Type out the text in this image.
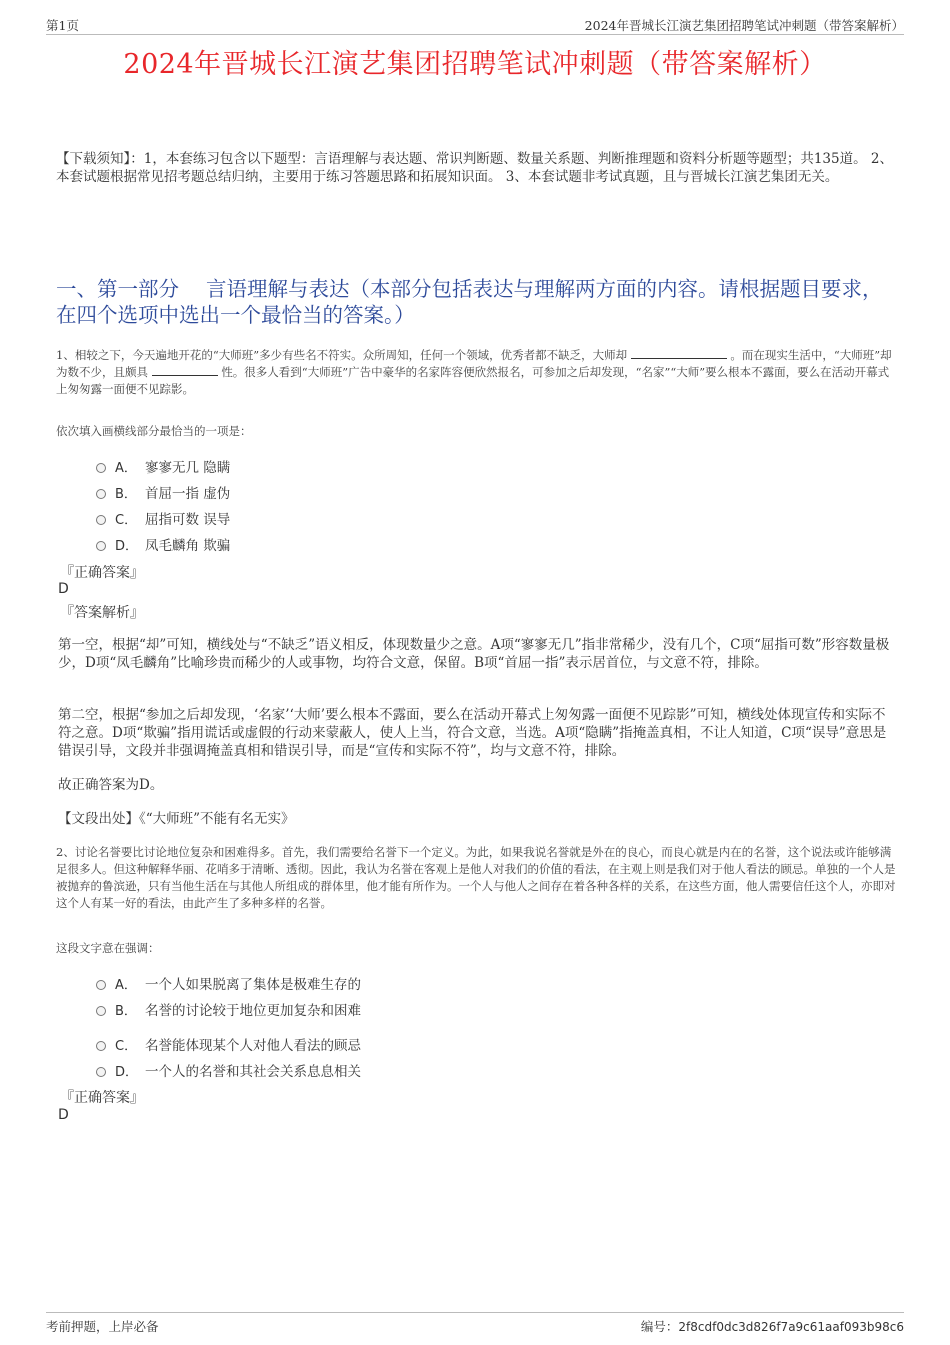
第1页	2024年晋城长江演艺集团招聘笔试冲刺题（带答案解析）
2024年晋城长江演艺集团招聘笔试冲刺题（带答案解析）
【下载须知】：1，本套练习包含以下题型：言语理解与表达题、常识判断题、数量关系题、判断推理题和资料分析题等题型；共135道。 2、本套试题根据常见招考题总结归纳，主要用于练习答题思路和拓展知识面。 3、本套试题非考试真题，且与晋城长江演艺集团无关。
一、第一部分　 言语理解与表达（本部分包括表达与理解两方面的内容。请根据题目要求，在四个选项中选出一个最恰当的答案。）
1、相较之下，今天遍地开花的“大师班”多少有些名不符实。众所周知，任何一个领域，优秀者都不缺乏，大师却	。而在现实生活中，“大师班”却为数不少，且颇具	性。很多人看到“大师班”广告中豪华的名家阵容便欣然报名，可参加之后却发现，“名家”“大师”要么根本不露面，要么在活动开幕式上匆匆露一面便不见踪影。
依次填入画横线部分最恰当的一项是：
A． 寥寥无几 隐瞒
B． 首屈一指 虚伪
C． 屈指可数 误导
D． 凤毛麟角 欺骗
『正确答案』
D
『答案解析』
第一空，根据“却”可知，横线处与“不缺乏”语义相反，体现数量少之意。A项“寥寥无几”指非常稀少，没有几个，C项“屈指可数”形容数量极少，D项“凤毛麟角”比喻珍贵而稀少的人或事物，均符合文意，保留。B项“首屈一指”表示居首位，与文意不符，排除。
第二空，根据“参加之后却发现，‘名家’‘大师’要么根本不露面，要么在活动开幕式上匆匆露一面便不见踪影”可知，横线处体现宣传和实际不符之意。D项“欺骗”指用谎话或虚假的行动来蒙蔽人，使人上当，符合文意，当选。A项“隐瞒”指掩盖真相，不让人知道，C项“误导”意思是错误引导，文段并非强调掩盖真相和错误引导，而是“宣传和实际不符”，均与文意不符，排除。
故正确答案为D。
【文段出处】《“大师班”不能有名无实》
2、讨论名誉要比讨论地位复杂和困难得多。首先，我们需要给名誉下一个定义。为此，如果我说名誉就是外在的良心，而良心就是内在的名誉，这个说法或许能够满足很多人。但这种解释华丽、花哨多于清晰、透彻。因此，我认为名誉在客观上是他人对我们的价值的看法，在主观上则是我们对于他人看法的顾忌。单独的一个人是被抛弃的鲁滨逊，只有当他生活在与其他人所组成的群体里，他才能有所作为。一个人与他人之间存在着各种各样的关系，在这些方面，他人需要信任这个人，亦即对这个人有某一好的看法，由此产生了多种多样的名誉。
这段文字意在强调：
A． 一个人如果脱离了集体是极难生存的
B． 名誉的讨论较于地位更加复杂和困难
C． 名誉能体现某个人对他人看法的顾忌
D． 一个人的名誉和其社会关系息息相关
『正确答案』
D
考前押题，上岸必备	编号：2f8cdf0dc3d826f7a9c61aaf093b98c6
